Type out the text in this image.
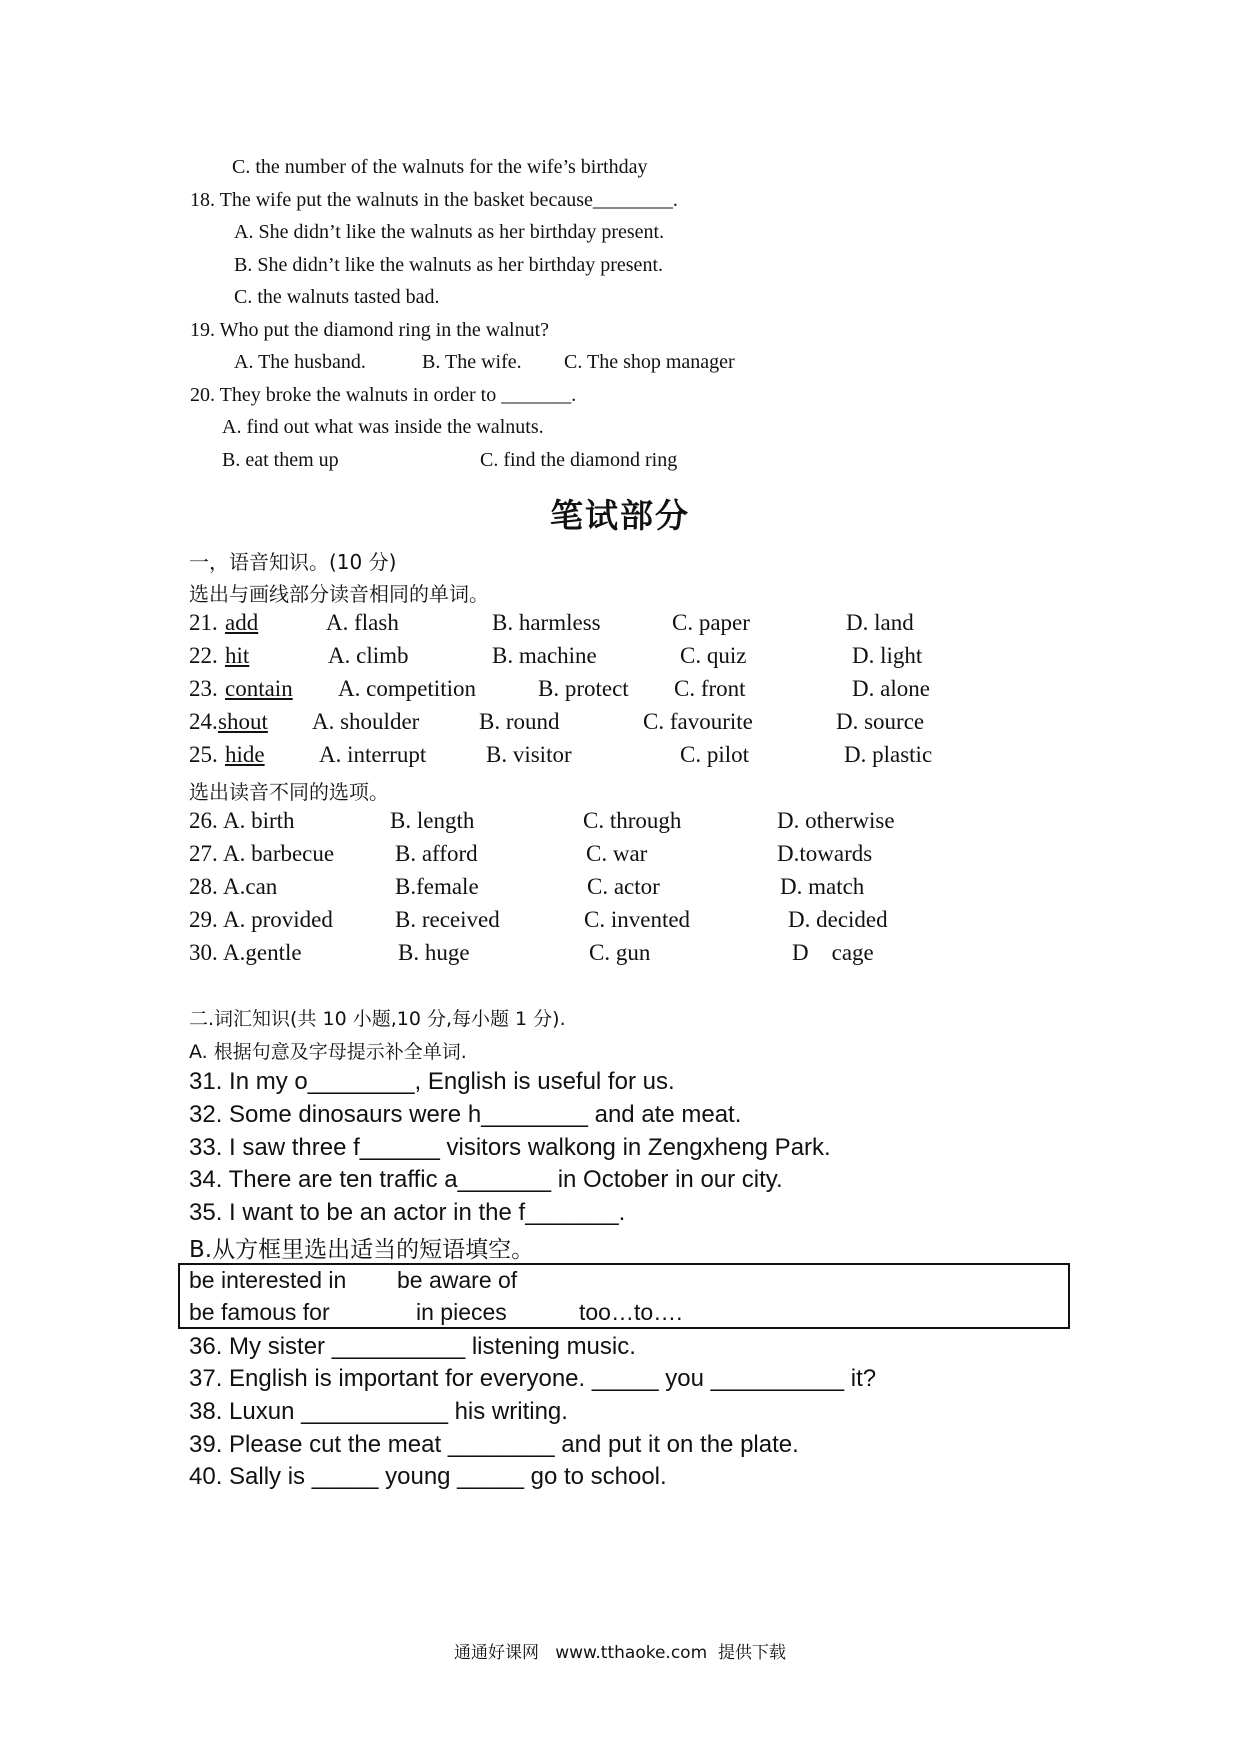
C. the number of the walnuts for the wife’s birthday
18. The wife put the walnuts in the basket because________.
A. She didn’t like the walnuts as her birthday present.
B. She didn’t like the walnuts as her birthday present.
C. the walnuts tasted bad.
19. Who put the diamond ring in the walnut?
A. The husband.	B. The wife. C. The shop manager
20. They broke the walnuts in order to _______.
A. find out what was inside the walnuts.
B. eat them up	C. find the diamond ring
笔试部分
一，语音知识。(10 分)
选出与画线部分读音相同的单词。
21. add	A. flash	B. harmless	C. paper	D. land
22. hit	A. climb	B. machine	C. quiz	D. light
23. contain A. competition	B. protect C. front	D. alone
24. shout A. shoulder	B. round	C. favourite	D. source
25. hide A. interrupt	B. visitor	C. pilot	D. plastic
选出读音不同的选项。
26. A. birth	B. length	C. through	D. otherwise
27. A. barbecue	B. afford	C. war	D.towards
28. A.can	B.female	C. actor	D. match
29. A. provided	B. received	C. invented	D. decided
30. A.gentle	B. huge	C. gun	D    cage
二.词汇知识(共 10 小题,10 分,每小题 1 分).
A. 根据句意及字母提示补全单词.
31. In my o________, English is useful for us.
32. Some dinosaurs were h________ and ate meat.
33. I saw three f______ visitors walkong in Zengxheng Park.
34. There are ten traffic a_______ in October in our city.
35. I want to be an actor in the f_______.
B.从方框里选出适当的短语填空。
be interested in be aware of
be famous for	in pieces	too…to….
36. My sister __________ listening music.
37. English is important for everyone. _____ you __________ it?
38. Luxun ___________ his writing.
39. Please cut the meat ________ and put it on the plate.
40. Sally is _____ young _____ go to school.
通通好课网   www.tthaoke.com  提供下载
